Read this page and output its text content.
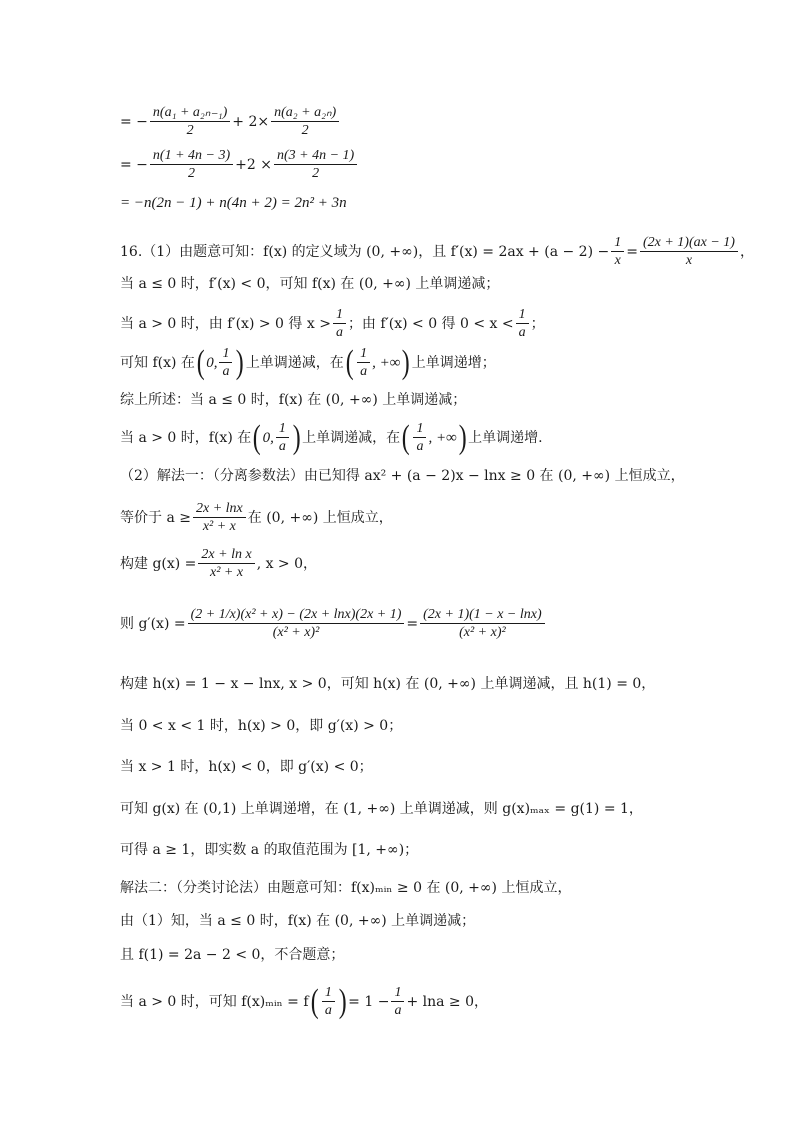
= − $\frac{\text{n(a₁ + a₂ₙ₋₁)}}{2} + 2\times \frac{\text{n(a₂ + a₂ₙ)}}{2}$
= − $\frac{n(1 + 4n - 3)}{2} +2 \times \frac{n(3 + 4n - 1)}{2}$
= −n(2n − 1) + n(4n + 2) = 2n² + 3n
16.（1）由题意可知：f(x) 的定义域为 (0, +∞)，且 $f'(x) = 2ax + (a - 2) - \frac{1}{x} = \frac{(2x + 1)(ax - 1)}{x}$ ，
当 a ≤ 0 时，f′(x) < 0，可知 f(x) 在 (0, +∞) 上单调递减；
当 a > 0 时，由 f′(x) > 0 得 $x > \frac{1}{a}$ ；由 f′(x) < 0 得 $0 < x < \frac{1}{a}$ ；
可知 f(x) 在 ( 0, $\frac{1}{a}$ ) 上单调递减，在 ( $\frac{1}{a}$ , +∞ ) 上单调递增；
综上所述：当 a ≤ 0 时，f(x) 在 (0, +∞) 上单调递减；
当 a > 0 时，f(x) 在 ( 0, $\frac{1}{a}$ ) 上单调递减，在 ( $\frac{1}{a}$ , +∞ ) 上单调递增.
（2）解法一：（分离参数法）由已知得 ax² + (a − 2)x − lnx ≥ 0 在 (0, +∞) 上恒成立，
等价于 $a \ge \frac{2x + \ln x}{\text{x² + x}}$ 在 (0, +∞) 上恒成立，
构建 $g(x) = \frac{\text{2x + ln x}}{\text{x² + x}}$ , x > 0，
则 $g'(x) = \frac{\text{(2 + 1/x)(x² + x) − (2x + lnx)(2x + 1)}}{\text{(x² + x)²}} = \frac{(2x + 1)(1 - x - \ln x)}{\text{(x² + x)²}}$
构建 h(x) = 1 − x − lnx, x > 0，可知 h(x) 在 (0, +∞) 上单调递减，且 h(1) = 0，
当 0 < x < 1 时，h(x) > 0，即 g′(x) > 0；
当 x > 1 时，h(x) < 0，即 g′(x) < 0；
可知 g(x) 在 (0,1) 上单调递增，在 (1, +∞) 上单调递减，则 g(x)ₘₐₓ = g(1) = 1，
可得 a ≥ 1，即实数 a 的取值范围为 [1, +∞)；
解法二：（分类讨论法）由题意可知：f(x)ₘᵢₙ ≥ 0 在 (0, +∞) 上恒成立，
由（1）知，当 a ≤ 0 时，f(x) 在 (0, +∞) 上单调递减；
且 f(1) = 2a − 2 < 0，不合题意；
当 a > 0 时，可知 f(x)ₘᵢₙ = f ( $\frac{1}{a}$ ) = $1 - \frac{1}{a} + \ln a \ge 0$，
